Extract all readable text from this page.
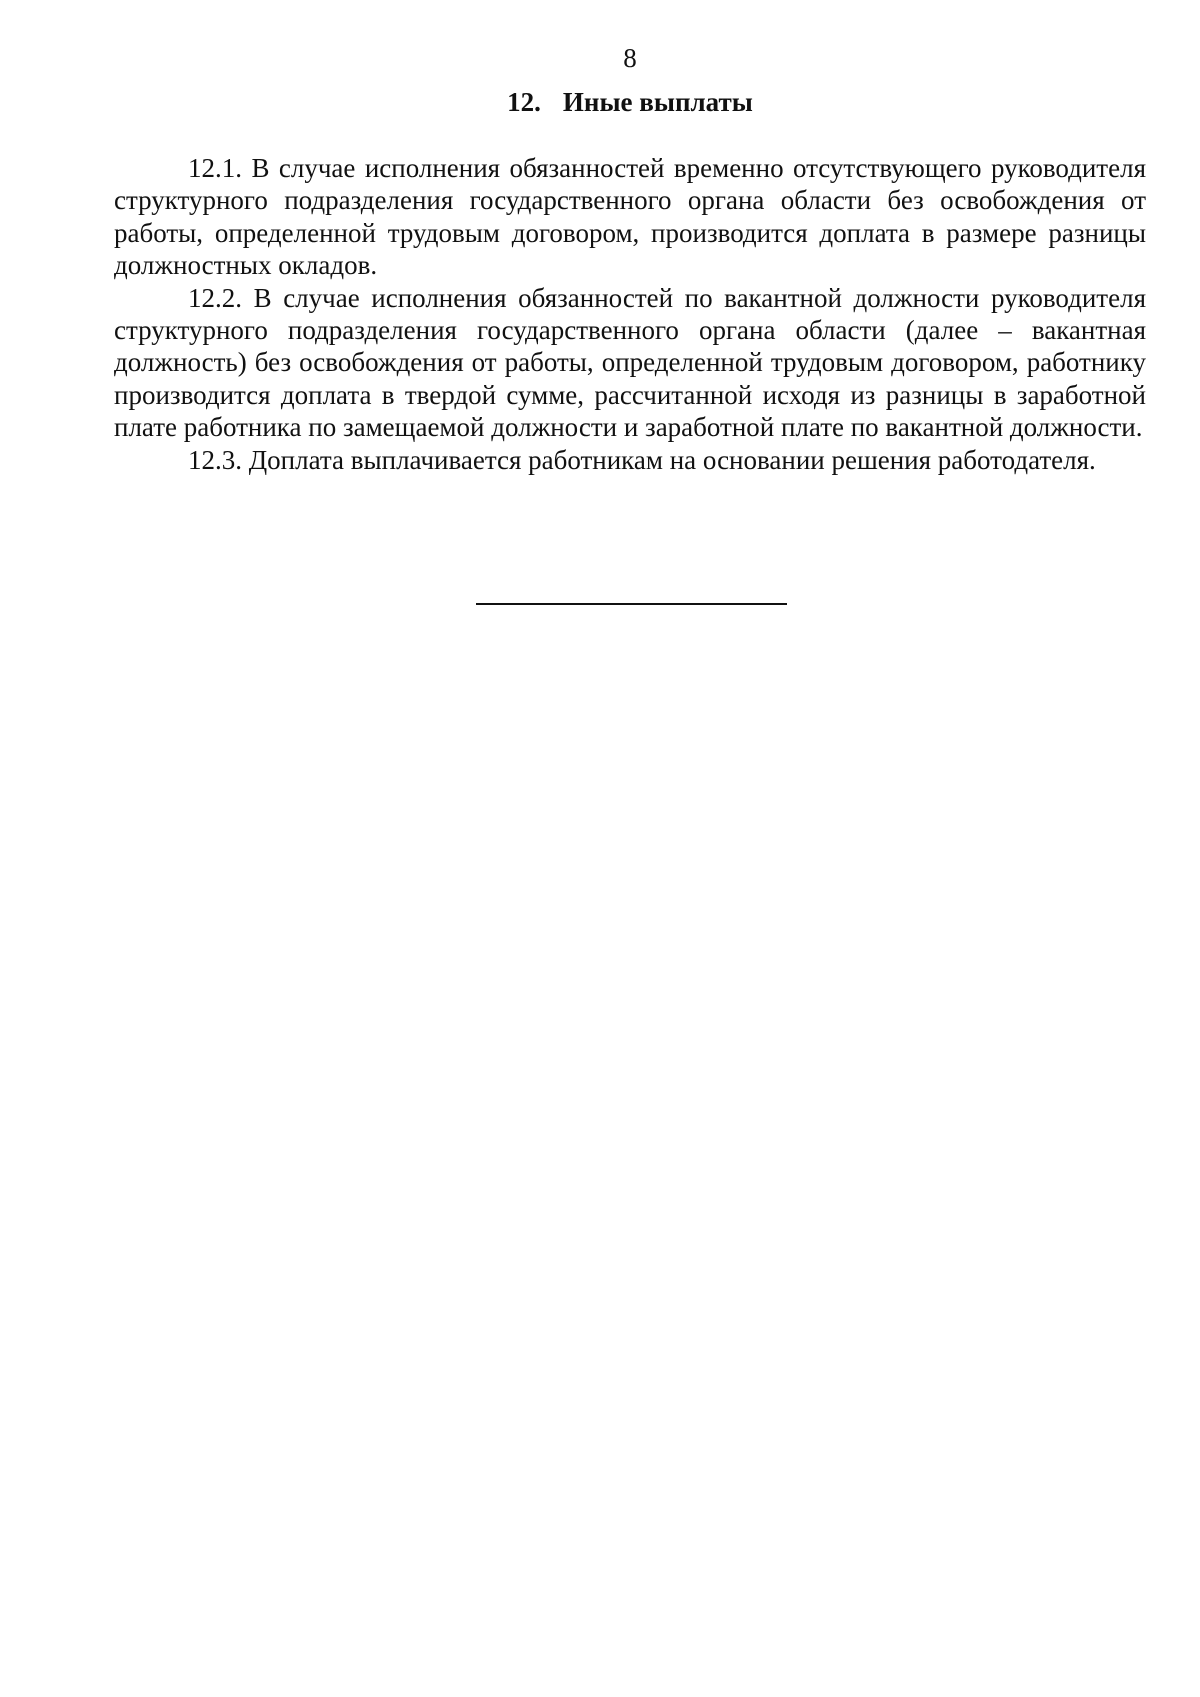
8
12. Иные выплаты

12.1. В случае исполнения обязанностей временно отсутствующего руководителя структурного подразделения государственного органа области без освобождения от работы, определенной трудовым договором, производится доплата в размере разницы должностных окладов.

12.2. В случае исполнения обязанностей по вакантной должности руководителя структурного подразделения государственного органа области (далее – вакантная должность) без освобождения от работы, определенной трудовым договором, работнику производится доплата в твердой сумме, рассчитанной исходя из разницы в заработной плате работника по замещаемой должности и заработной плате по вакантной должности.

12.3. Доплата выплачивается работникам на основании решения работодателя.
